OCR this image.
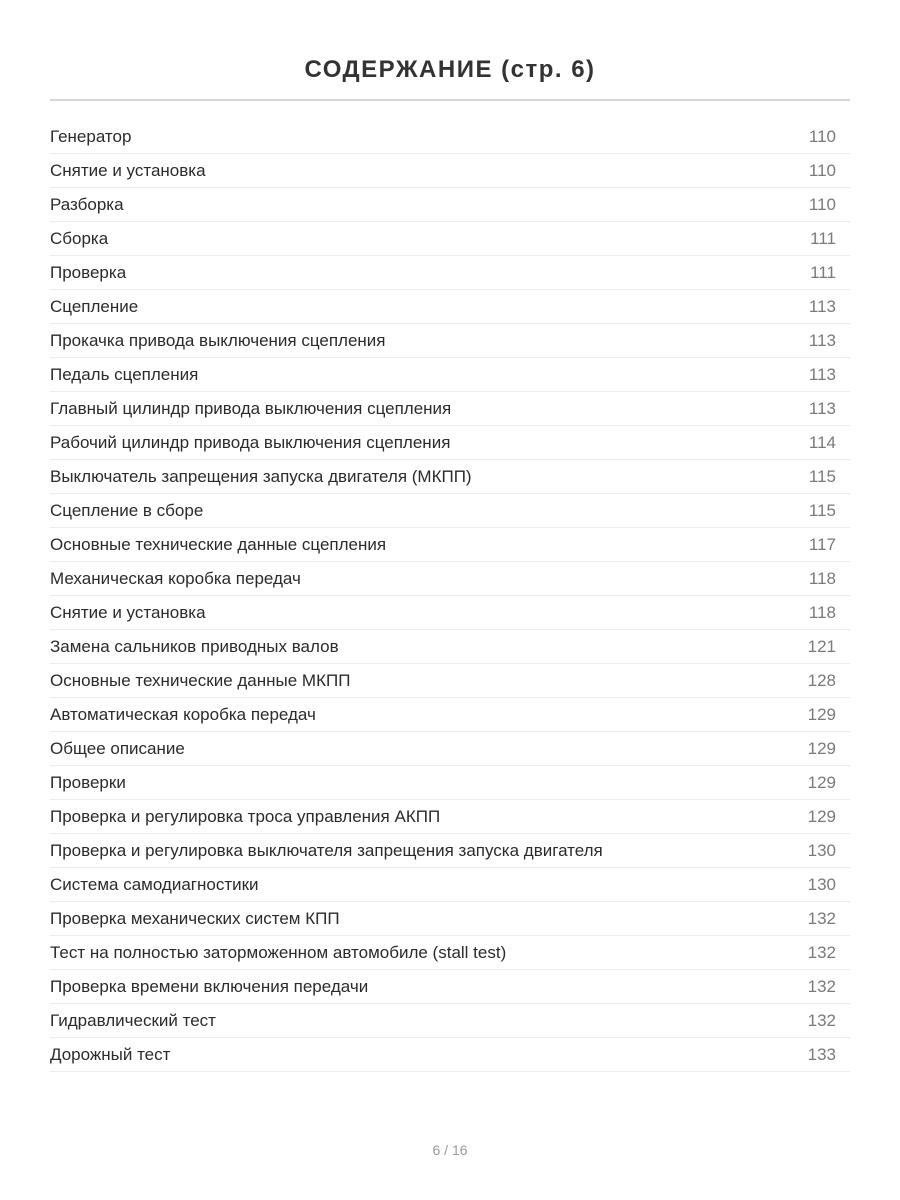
СОДЕРЖАНИЕ (стр. 6)
Генератор	110
Снятие и установка	110
Разборка	110
Сборка	111
Проверка	111
Сцепление	113
Прокачка привода выключения сцепления	113
Педаль сцепления	113
Главный цилиндр привода выключения сцепления	113
Рабочий цилиндр привода выключения сцепления	114
Выключатель запрещения запуска двигателя (МКПП)	115
Сцепление в сборе	115
Основные технические данные сцепления	117
Механическая коробка передач	118
Снятие и установка	118
Замена сальников приводных валов	121
Основные технические данные МКПП	128
Автоматическая коробка передач	129
Общее описание	129
Проверки	129
Проверка и регулировка троса управления АКПП	129
Проверка и регулировка выключателя запрещения запуска двигателя	130
Система самодиагностики	130
Проверка механических систем КПП	132
Тест на полностью заторможенном автомобиле (stall test)	132
Проверка времени включения передачи	132
Гидравлический тест	132
Дорожный тест	133
6 / 16
